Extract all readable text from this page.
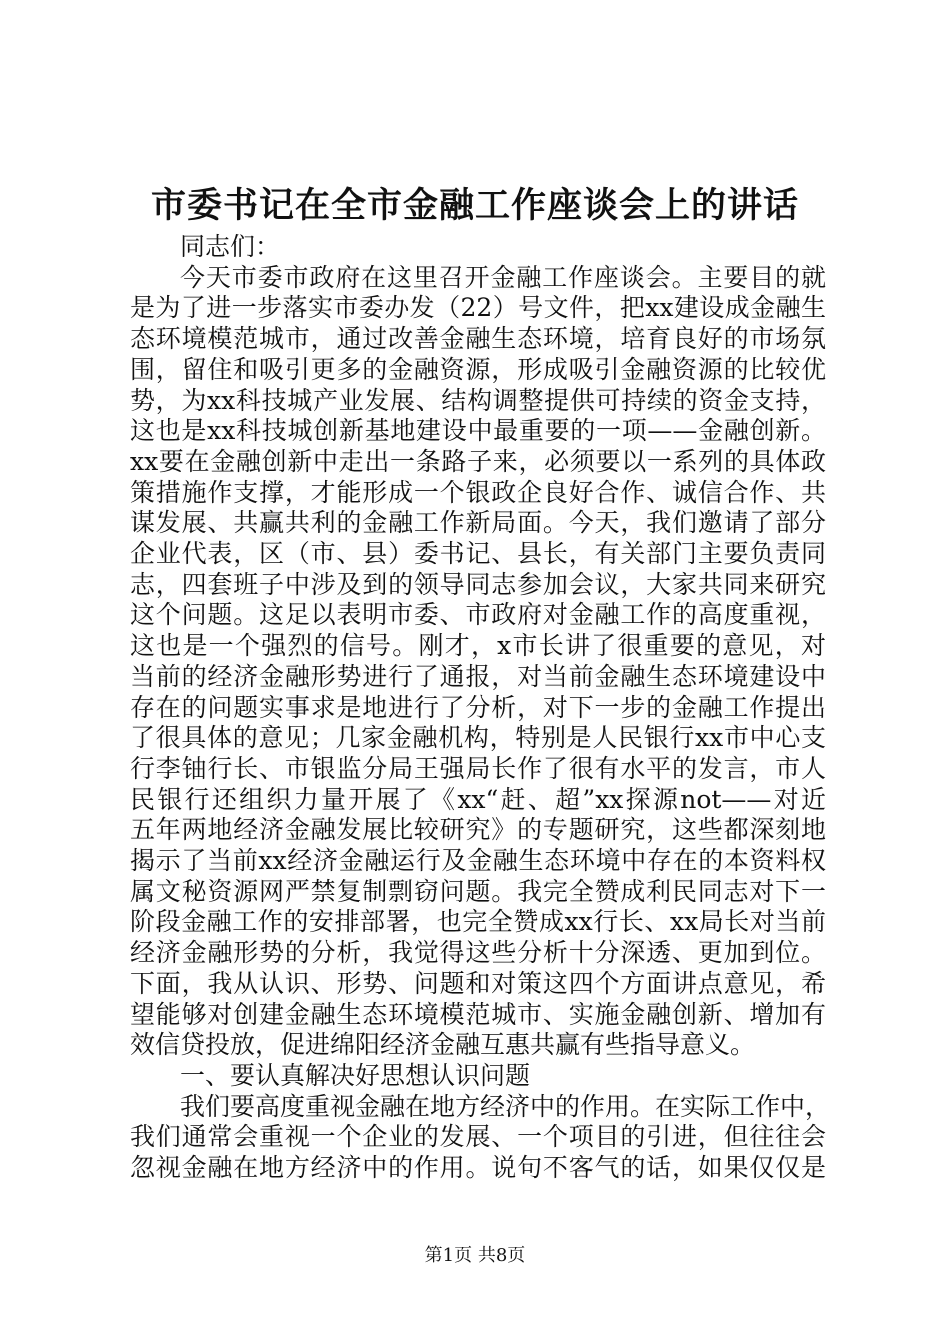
市委书记在全市金融工作座谈会上的讲话
同志们：
今天市委市政府在这里召开金融工作座谈会。主要目的就
是为了进一步落实市委办发（22）号文件，把xx建设成金融生
态环境模范城市，通过改善金融生态环境，培育良好的市场氛
围，留住和吸引更多的金融资源，形成吸引金融资源的比较优
势，为xx科技城产业发展、结构调整提供可持续的资金支持，
这也是xx科技城创新基地建设中最重要的一项——金融创新。
xx要在金融创新中走出一条路子来，必须要以一系列的具体政
策措施作支撑，才能形成一个银政企良好合作、诚信合作、共
谋发展、共赢共利的金融工作新局面。今天，我们邀请了部分
企业代表，区（市、县）委书记、县长，有关部门主要负责同
志，四套班子中涉及到的领导同志参加会议，大家共同来研究
这个问题。这足以表明市委、市政府对金融工作的高度重视，
这也是一个强烈的信号。刚才，x市长讲了很重要的意见，对
当前的经济金融形势进行了通报，对当前金融生态环境建设中
存在的问题实事求是地进行了分析，对下一步的金融工作提出
了很具体的意见；几家金融机构，特别是人民银行xx市中心支
行李铀行长、市银监分局王强局长作了很有水平的发言，市人
民银行还组织力量开展了《xx“赶、超”xx探源not——对近
五年两地经济金融发展比较研究》的专题研究，这些都深刻地
揭示了当前xx经济金融运行及金融生态环境中存在的本资料权
属文秘资源网严禁复制剽窃问题。我完全赞成利民同志对下一
阶段金融工作的安排部署，也完全赞成xx行长、xx局长对当前
经济金融形势的分析，我觉得这些分析十分深透、更加到位。
下面，我从认识、形势、问题和对策这四个方面讲点意见，希
望能够对创建金融生态环境模范城市、实施金融创新、增加有
效信贷投放，促进绵阳经济金融互惠共赢有些指导意义。
一、要认真解决好思想认识问题
我们要高度重视金融在地方经济中的作用。在实际工作中，
我们通常会重视一个企业的发展、一个项目的引进，但往往会
忽视金融在地方经济中的作用。说句不客气的话，如果仅仅是
第1页 共8页
